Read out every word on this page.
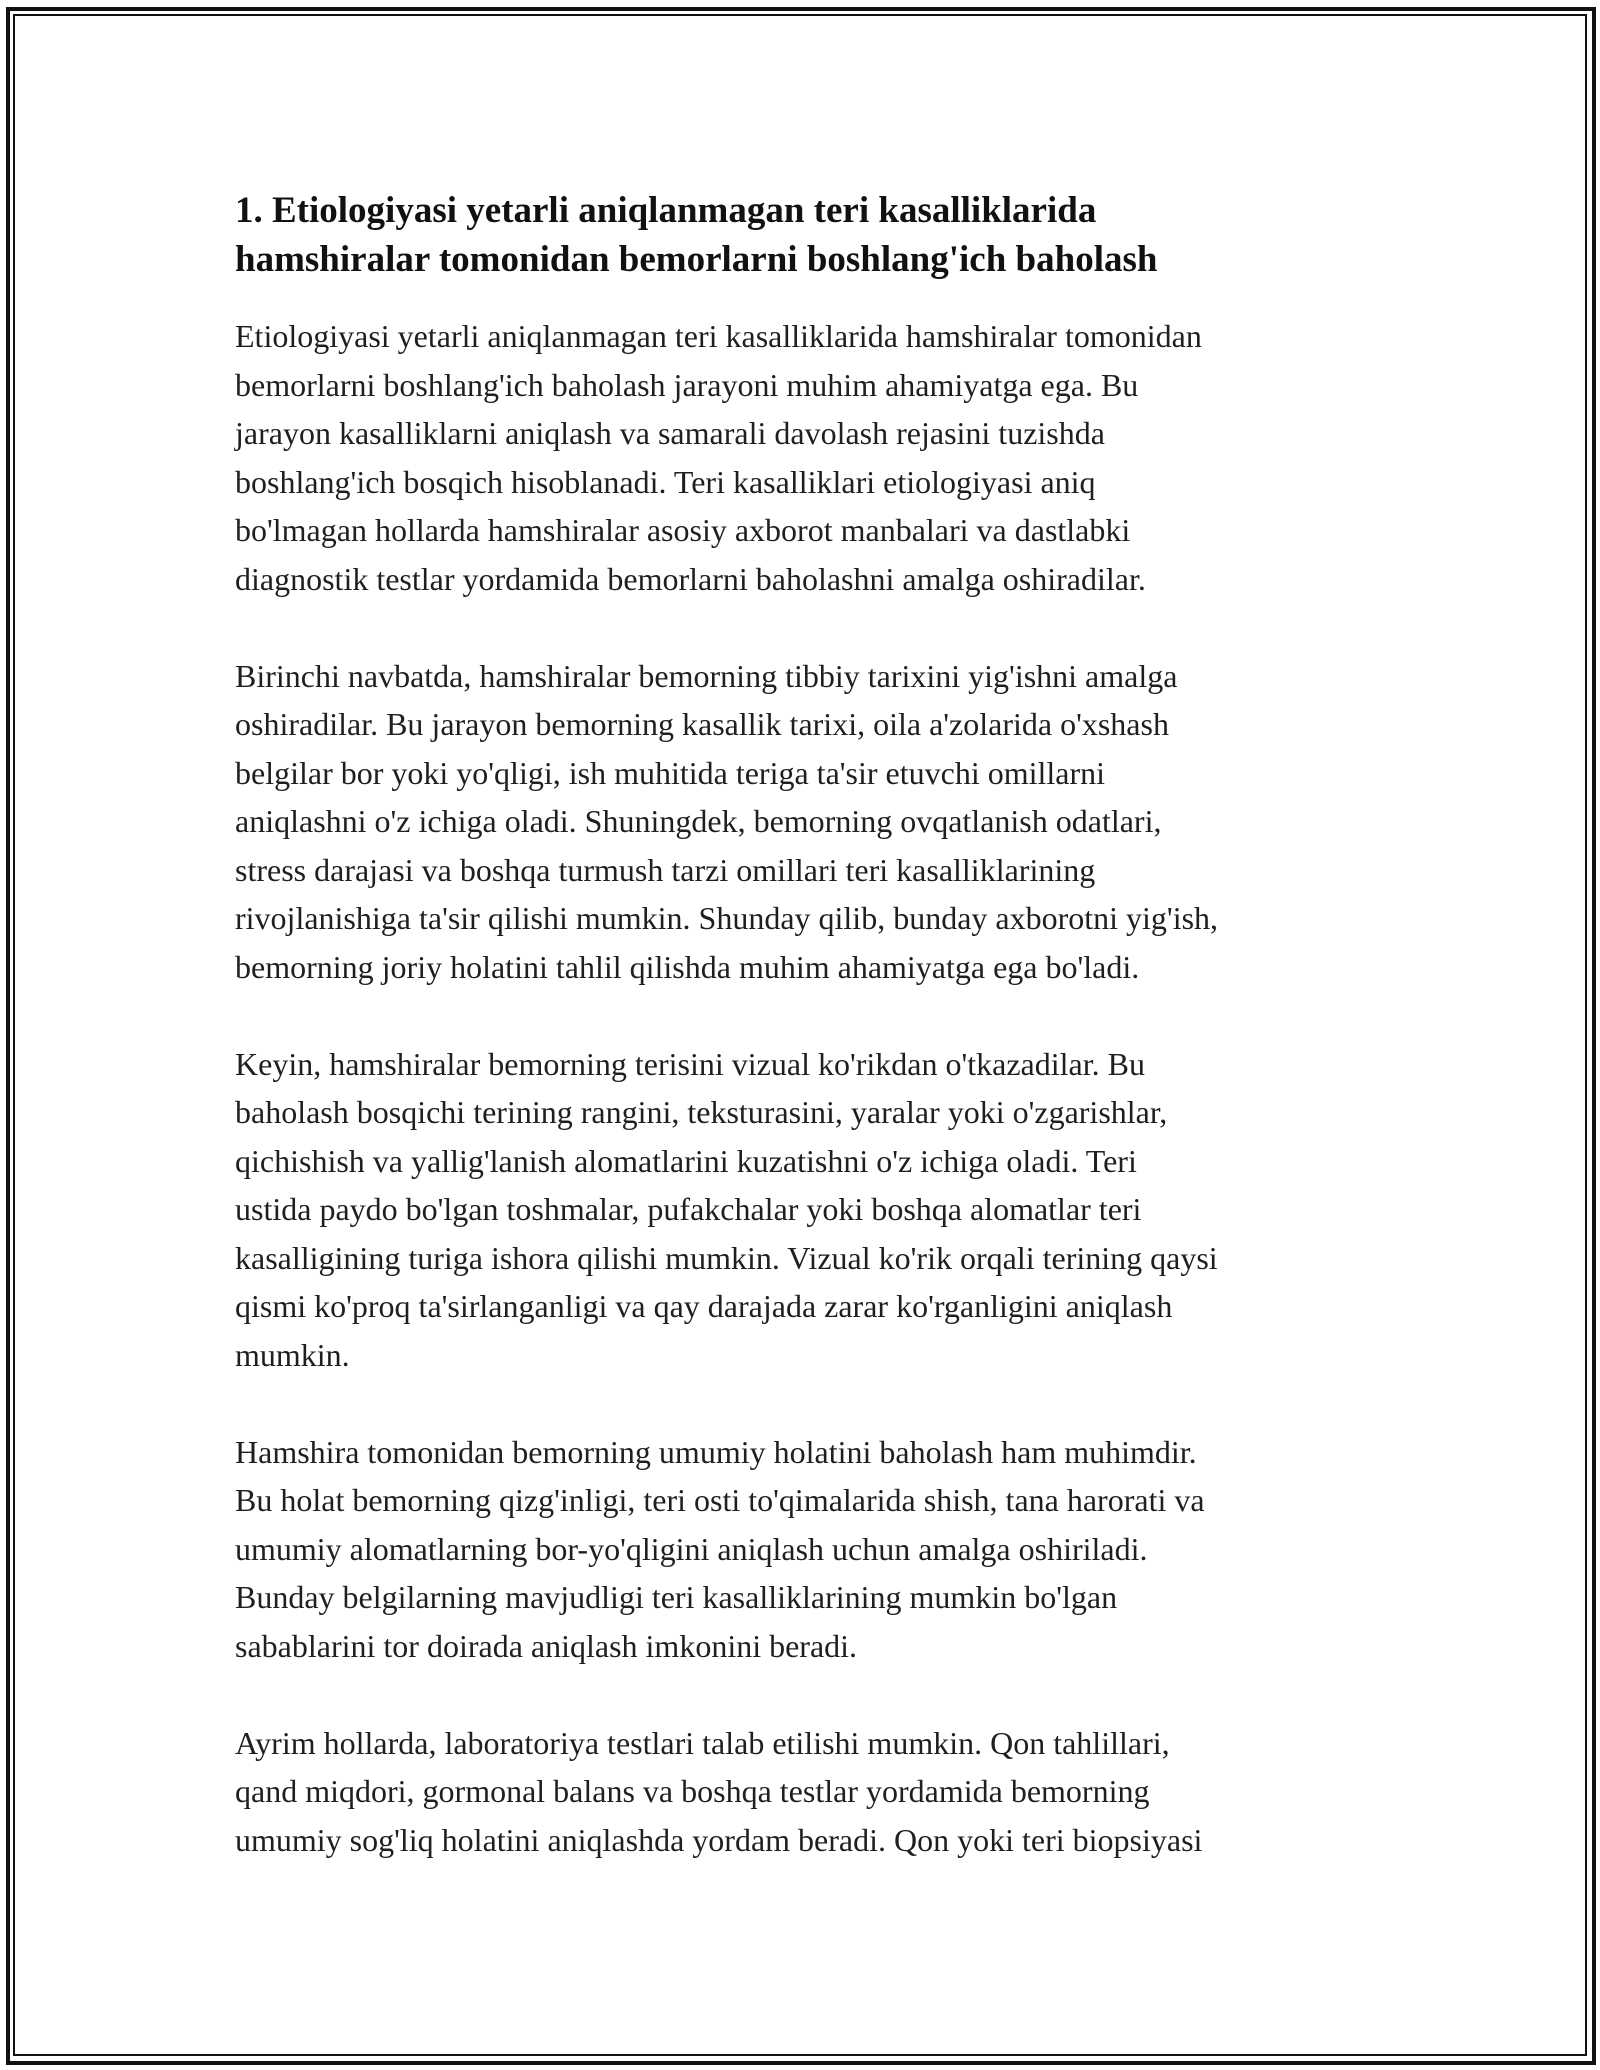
1. Etiologiyasi yetarli aniqlanmagan teri kasalliklarida
hamshiralar tomonidan bemorlarni boshlang'ich baholash

Etiologiyasi yetarli aniqlanmagan teri kasalliklarida hamshiralar tomonidan
bemorlarni boshlang'ich baholash jarayoni muhim ahamiyatga ega. Bu
jarayon kasalliklarni aniqlash va samarali davolash rejasini tuzishda
boshlang'ich bosqich hisoblanadi. Teri kasalliklari etiologiyasi aniq
bo'lmagan hollarda hamshiralar asosiy axborot manbalari va dastlabki
diagnostik testlar yordamida bemorlarni baholashni amalga oshiradilar.

Birinchi navbatda, hamshiralar bemorning tibbiy tarixini yig'ishni amalga
oshiradilar. Bu jarayon bemorning kasallik tarixi, oila a'zolarida o'xshash
belgilar bor yoki yo'qligi, ish muhitida teriga ta'sir etuvchi omillarni
aniqlashni o'z ichiga oladi. Shuningdek, bemorning ovqatlanish odatlari,
stress darajasi va boshqa turmush tarzi omillari teri kasalliklarining
rivojlanishiga ta'sir qilishi mumkin. Shunday qilib, bunday axborotni yig'ish,
bemorning joriy holatini tahlil qilishda muhim ahamiyatga ega bo'ladi.

Keyin, hamshiralar bemorning terisini vizual ko'rikdan o'tkazadilar. Bu
baholash bosqichi terining rangini, teksturasini, yaralar yoki o'zgarishlar,
qichishish va yallig'lanish alomatlarini kuzatishni o'z ichiga oladi. Teri
ustida paydo bo'lgan toshmalar, pufakchalar yoki boshqa alomatlar teri
kasalligining turiga ishora qilishi mumkin. Vizual ko'rik orqali terining qaysi
qismi ko'proq ta'sirlanganligi va qay darajada zarar ko'rganligini aniqlash
mumkin.

Hamshira tomonidan bemorning umumiy holatini baholash ham muhimdir.
Bu holat bemorning qizg'inligi, teri osti to'qimalarida shish, tana harorati va
umumiy alomatlarning bor-yo'qligini aniqlash uchun amalga oshiriladi.
Bunday belgilarning mavjudligi teri kasalliklarining mumkin bo'lgan
sabablarini tor doirada aniqlash imkonini beradi.

Ayrim hollarda, laboratoriya testlari talab etilishi mumkin. Qon tahlillari,
qand miqdori, gormonal balans va boshqa testlar yordamida bemorning
umumiy sog'liq holatini aniqlashda yordam beradi. Qon yoki teri biopsiyasi
